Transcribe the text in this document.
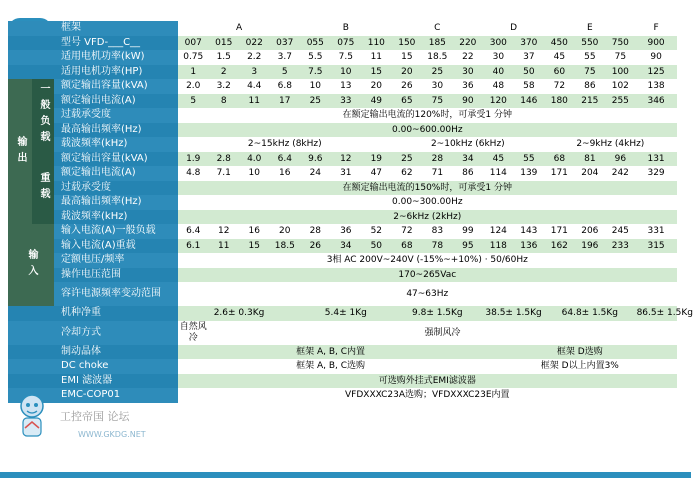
		框架	A				B			C			D		E			F
		型号 VFD-___C__	007	015	022	037	055	075	110	150	185	220	300	370	450	550	750	900
		适用电机功率(kW)	0.75	1.5	2.2	3.7	5.5	7.5	11	15	18.5	22	30	37	45	55	75	90
		适用电机功率(HP)	1	2	3	5	7.5	10	15	20	25	30	40	50	60	75	100	125
输出	一般负载	额定输出容量(kVA)	2.0	3.2	4.4	6.8	10	13	20	26	30	36	48	58	72	86	102	138
		额定输出电流(A)	5	8	11	17	25	33	49	65	75	90	120	146	180	215	255	346
		过载承受度	在额定输出电流的120%时，可承受1 分钟															
		最高输出频率(Hz)	0.00~600.00Hz															
		载波频率(kHz)	2~15kHz (8kHz)							2~10kHz (6kHz)					2~9kHz (4kHz)			
	重载	额定输出容量(kVA)	1.9	2.8	4.0	6.4	9.6	12	19	25	28	34	45	55	68	81	96	131
		额定输出电流(A)	4.8	7.1	10	16	24	31	47	62	71	86	114	139	171	204	242	329
		过载承受度	在额定输出电流的150%时，可承受1 分钟															
		最高输出频率(Hz)	0.00~300.00Hz															
		载波频率(kHz)	2~6kHz (2kHz)															
输入		输入电流(A)一般负载	6.4	12	16	20	28	36	52	72	83	99	124	143	171	206	245	331
		输入电流(A)重载	6.1	11	15	18.5	26	34	50	68	78	95	118	136	162	196	233	315
		定额电压/频率	3相 AC 200V~240V (-15%~+10%) · 50/60Hz															
		操作电压范围	170~265Vac															
		容许电源频率变动范围	47~63Hz															
		机种净重	2.6± 0.3Kg				5.4± 1Kg			9.8± 1.5Kg			38.5± 1.5Kg		64.8± 1.5Kg			86.5± 1.5Kg
		冷却方式	自然风冷	强制风冷														
		制动晶体	框架 A, B, C内置										框架 D选购					
		DC choke	框架 A, B, C选购										框架 D以上内置3%					
		EMI 滤波器	可选购外挂式EMI滤波器															
		EMC-COP01	VFDXXXC23A选购；VFDXXXC23E内置															
工控帝国 论坛
WWW.GKDG.NET
